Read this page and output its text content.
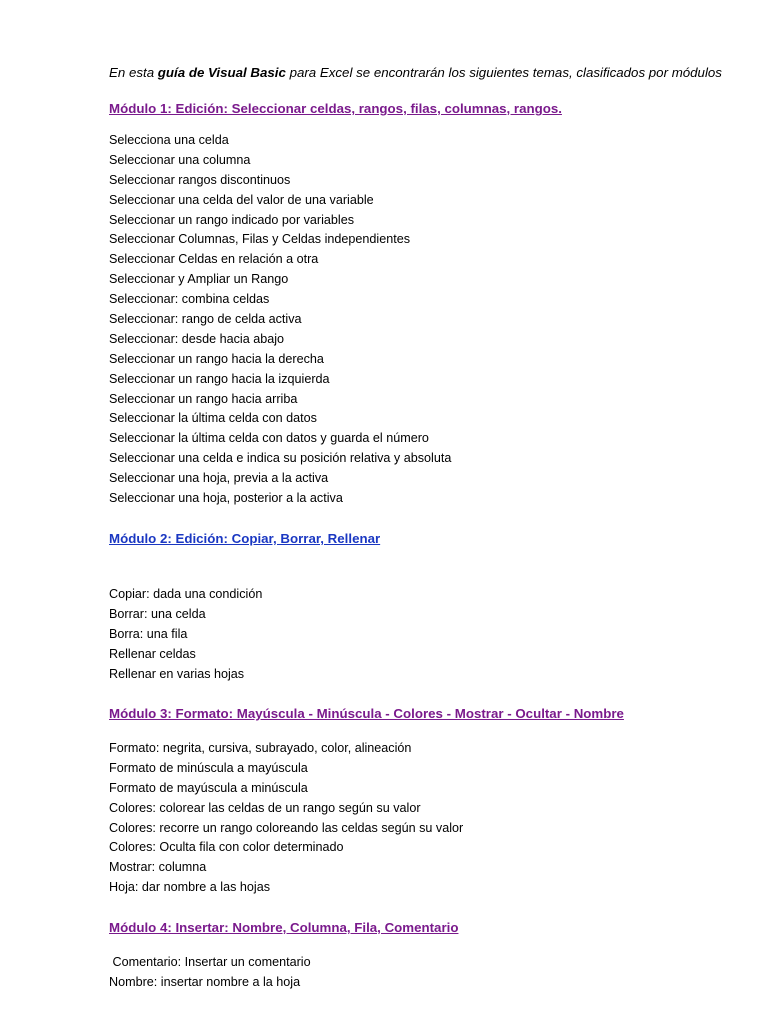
En esta guía de Visual Basic para Excel se encontrarán los siguientes temas, clasificados por módulos
Módulo 1: Edición: Seleccionar celdas, rangos, filas, columnas, rangos.
Selecciona una celda
Seleccionar una columna
Seleccionar rangos discontinuos
Seleccionar una celda del valor de una variable
Seleccionar un rango indicado por variables
Seleccionar Columnas, Filas y Celdas independientes
Seleccionar Celdas en relación a otra
Seleccionar y Ampliar un Rango
Seleccionar: combina celdas
Seleccionar: rango de celda activa
Seleccionar: desde hacia abajo
Seleccionar un rango hacia la derecha
Seleccionar un rango hacia la izquierda
Seleccionar un rango hacia arriba
Seleccionar la última celda con datos
Seleccionar la última celda con datos y guarda el número
Seleccionar una celda e indica su posición relativa y absoluta
Seleccionar una hoja, previa a la activa
Seleccionar una hoja, posterior a la activa
Módulo 2: Edición: Copiar, Borrar, Rellenar
Copiar: dada una condición
Borrar: una celda
Borra: una fila
Rellenar celdas
Rellenar en varias hojas
Módulo 3: Formato: Mayúscula - Minúscula - Colores - Mostrar - Ocultar - Nombre
Formato: negrita, cursiva, subrayado, color, alineación
Formato de minúscula a mayúscula
Formato de mayúscula a minúscula
Colores: colorear las celdas de un rango según su valor
Colores: recorre un rango coloreando las celdas según su valor
Colores: Oculta fila con color determinado
Mostrar: columna
Hoja: dar nombre a las hojas
Módulo 4: Insertar: Nombre, Columna, Fila, Comentario
Comentario: Insertar un comentario
Nombre: insertar nombre a la hoja
